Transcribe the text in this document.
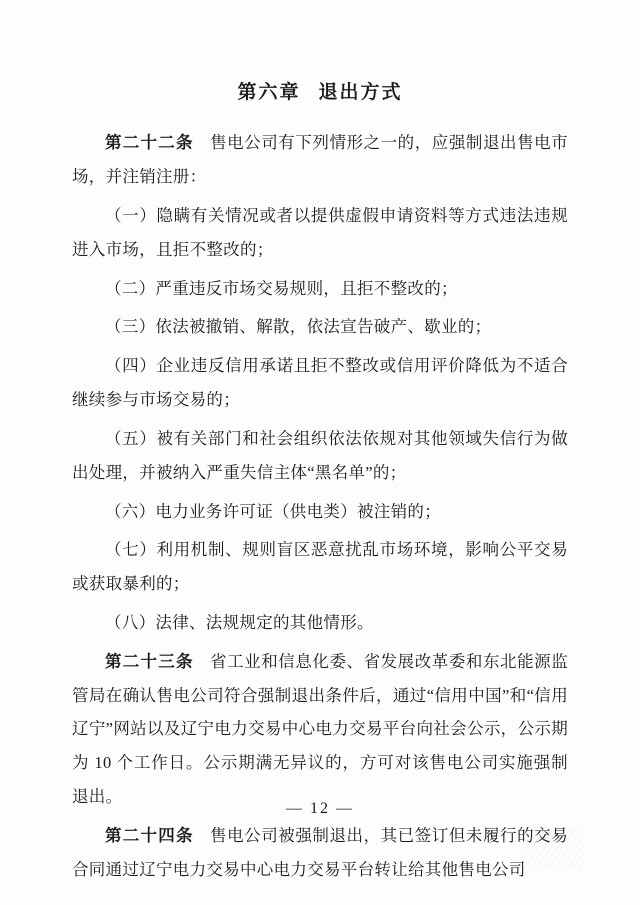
第六章 退出方式

第二十二条 售电公司有下列情形之一的，应强制退出售电市场，并注销注册：

（一）隐瞒有关情况或者以提供虚假申请资料等方式违法违规进入市场，且拒不整改的；

（二）严重违反市场交易规则，且拒不整改的；

（三）依法被撤销、解散，依法宣告破产、歇业的；

（四）企业违反信用承诺且拒不整改或信用评价降低为不适合继续参与市场交易的；

（五）被有关部门和社会组织依法依规对其他领域失信行为做出处理，并被纳入严重失信主体“黑名单”的；

（六）电力业务许可证（供电类）被注销的；

（七）利用机制、规则盲区恶意扰乱市场环境，影响公平交易或获取暴利的；

（八）法律、法规规定的其他情形。

第二十三条 省工业和信息化委、省发展改革委和东北能源监管局在确认售电公司符合强制退出条件后，通过“信用中国”和“信用辽宁”网站以及辽宁电力交易中心电力交易平台向社会公示，公示期为 10 个工作日。公示期满无异议的，方可对该售电公司实施强制退出。

第二十四条 售电公司被强制退出，其已签订但未履行的交易合同通过辽宁电力交易中心电力交易平台转让给其他售电公司

— 12 —
